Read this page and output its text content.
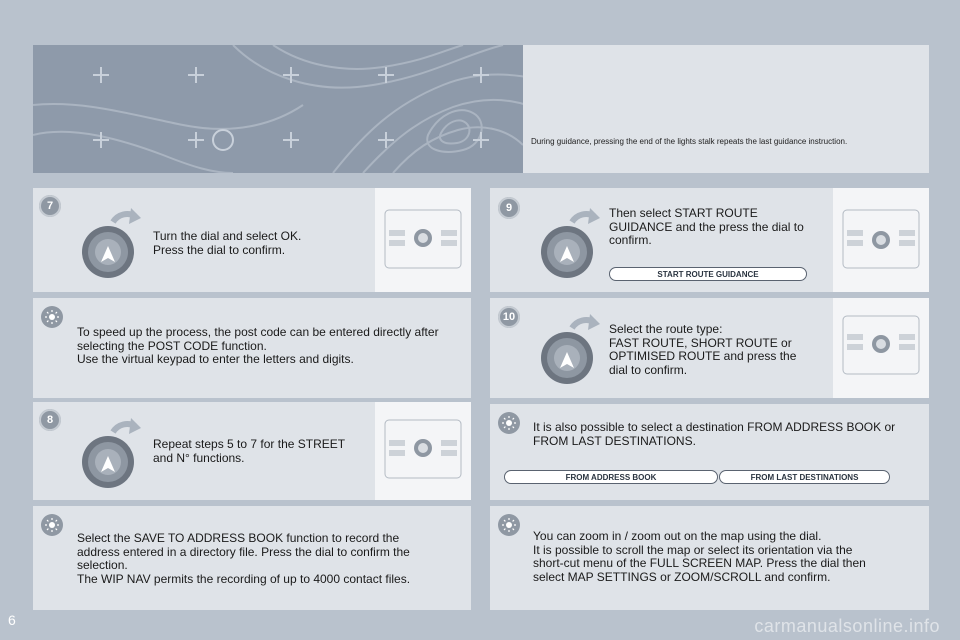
During guidance, pressing the end of the lights stalk repeats the last guidance instruction.
7
Turn the dial and select OK.
Press the dial to confirm.
To speed up the process, the post code can be entered directly after
selecting the POST CODE function.
Use the virtual keypad to enter the letters and digits.
8
Repeat steps 5 to 7 for the STREET
and N° functions.
Select the SAVE TO ADDRESS BOOK function to record the
address entered in a directory file. Press the dial to confirm the
selection.
The WIP NAV permits the recording of up to 4000 contact files.
9	Then select START ROUTE
GUIDANCE and the press the dial to
confirm.
START ROUTE GUIDANCE
10
Select the route type:
FAST ROUTE, SHORT ROUTE or
OPTIMISED ROUTE and press the
dial to confirm.
It is also possible to select a destination FROM ADDRESS BOOK or
FROM LAST DESTINATIONS.
FROM ADDRESS BOOK	FROM LAST DESTINATIONS
You can zoom in / zoom out on the map using the dial.
It is possible to scroll the map or select its orientation via the
short-cut menu of the FULL SCREEN MAP. Press the dial then
select MAP SETTINGS or ZOOM/SCROLL and confirm.
6	carmanualsonline.info
